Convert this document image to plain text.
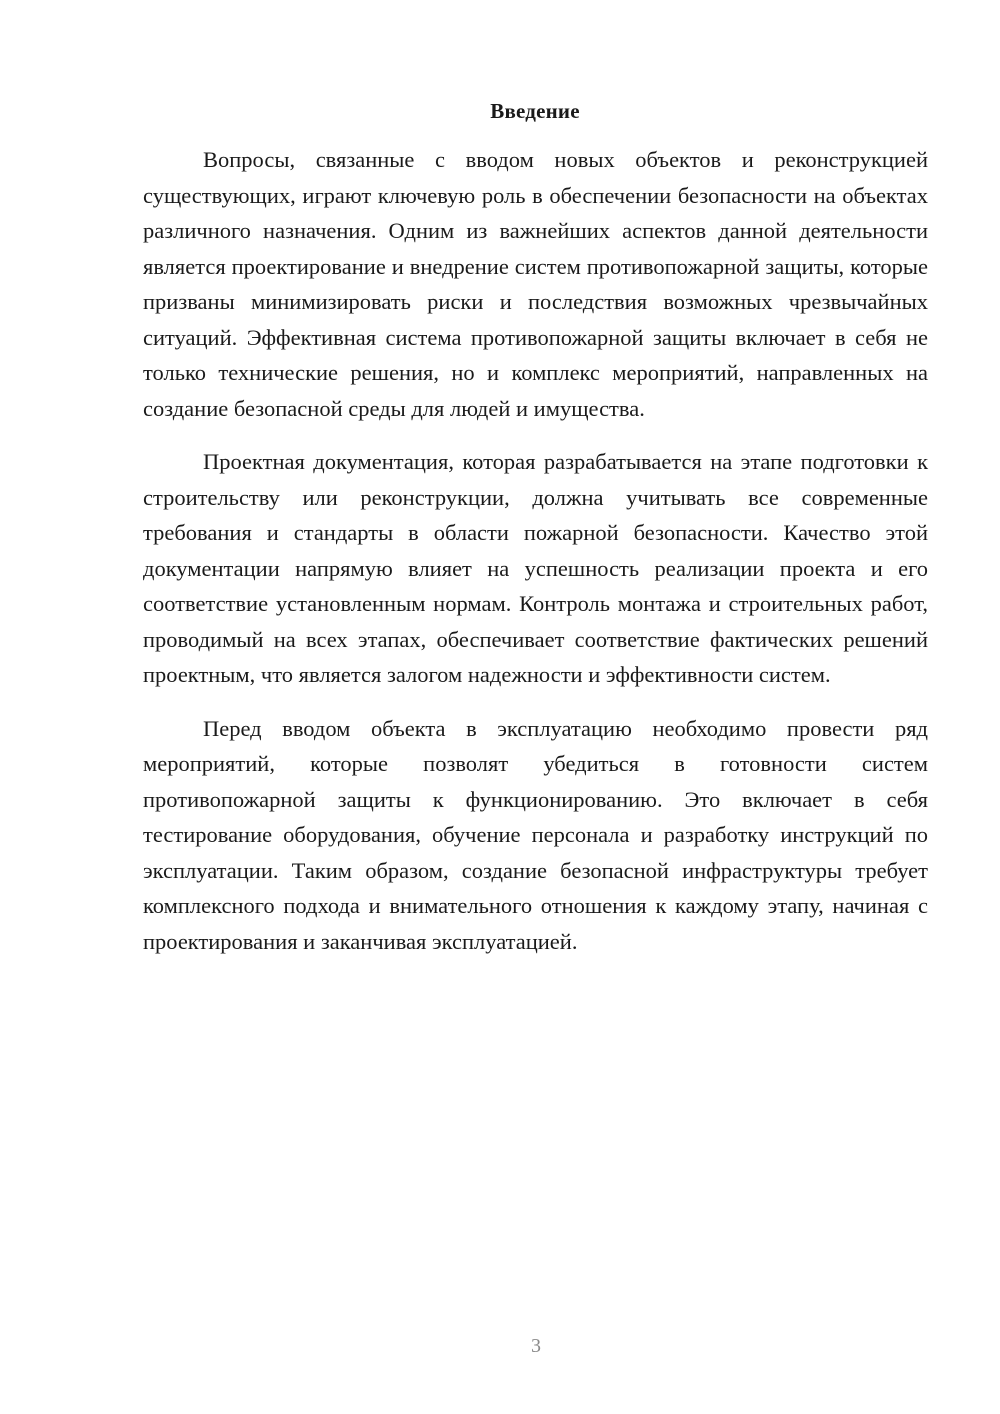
Введение

Вопросы, связанные с вводом новых объектов и реконструкцией существующих, играют ключевую роль в обеспечении безопасности на объектах различного назначения. Одним из важнейших аспектов данной деятельности является проектирование и внедрение систем противопожарной защиты, которые призваны минимизировать риски и последствия возможных чрезвычайных ситуаций. Эффективная система противопожарной защиты включает в себя не только технические решения, но и комплекс мероприятий, направленных на создание безопасной среды для людей и имущества.

Проектная документация, которая разрабатывается на этапе подготовки к строительству или реконструкции, должна учитывать все современные требования и стандарты в области пожарной безопасности. Качество этой документации напрямую влияет на успешность реализации проекта и его соответствие установленным нормам. Контроль монтажа и строительных работ, проводимый на всех этапах, обеспечивает соответствие фактических решений проектным, что является залогом надежности и эффективности систем.

Перед вводом объекта в эксплуатацию необходимо провести ряд мероприятий, которые позволят убедиться в готовности систем противопожарной защиты к функционированию. Это включает в себя тестирование оборудования, обучение персонала и разработку инструкций по эксплуатации. Таким образом, создание безопасной инфраструктуры требует комплексного подхода и внимательного отношения к каждому этапу, начиная с проектирования и заканчивая эксплуатацией.

3
